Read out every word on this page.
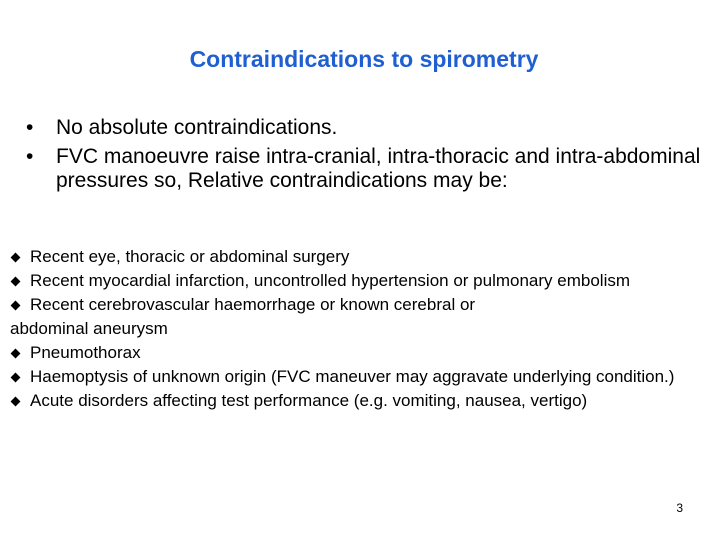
Contraindications to spirometry
• No absolute contraindications.
• FVC manoeuvre raise intra-cranial, intra-thoracic and intra-abdominal pressures so, Relative contraindications may be:
Recent eye, thoracic or abdominal surgery
Recent myocardial infarction, uncontrolled hypertension or pulmonary embolism
Recent cerebrovascular haemorrhage or known cerebral or
abdominal aneurysm
Pneumothorax
Haemoptysis of unknown origin (FVC maneuver may aggravate underlying condition.)
Acute disorders affecting test performance (e.g. vomiting, nausea, vertigo)
3
